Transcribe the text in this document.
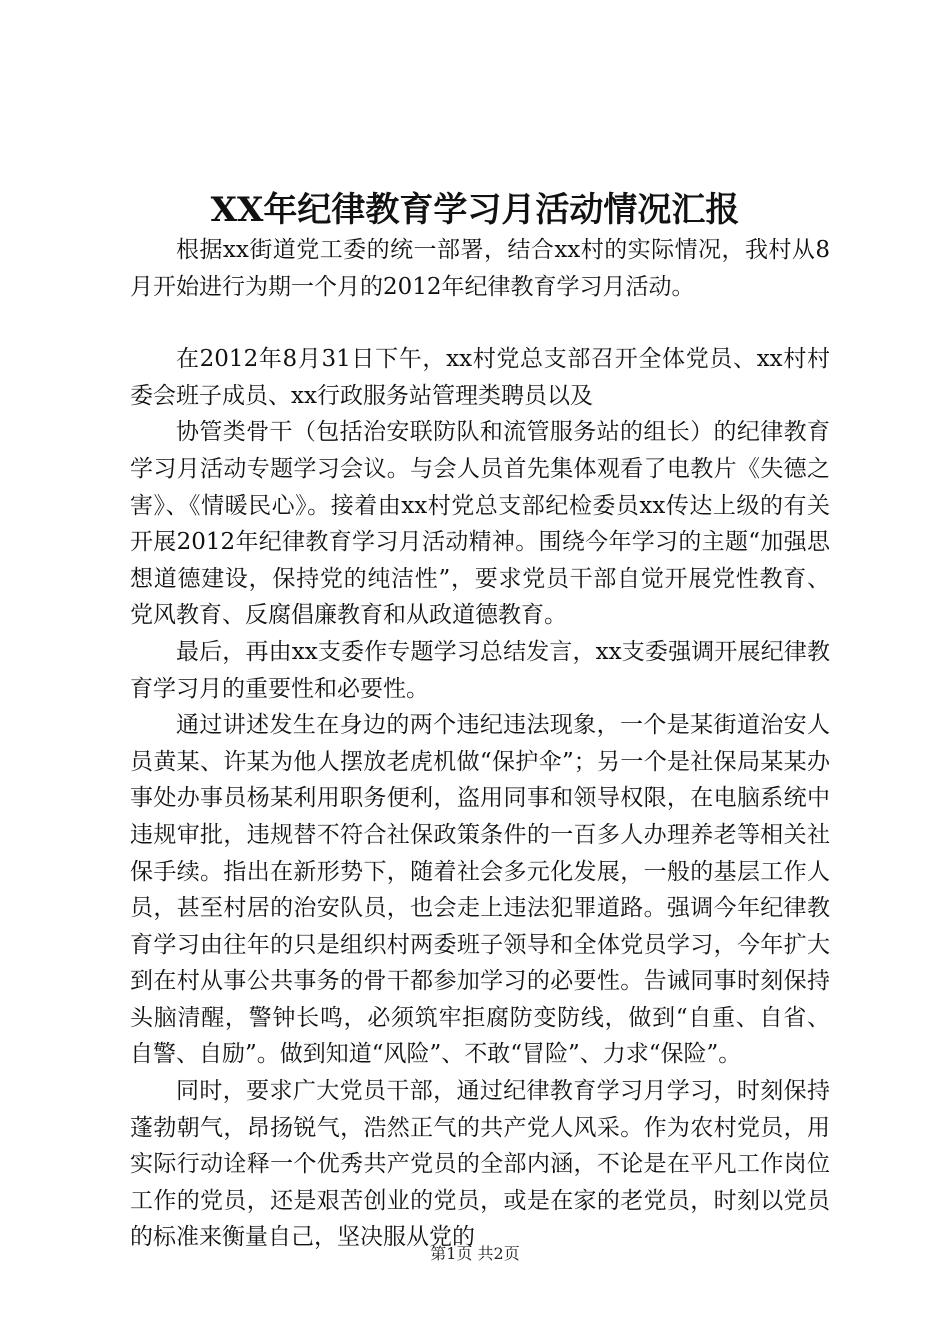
XX年纪律教育学习月活动情况汇报

根据xx街道党工委的统一部署，结合xx村的实际情况，我村从8月开始进行为期一个月的2012年纪律教育学习月活动。

在2012年8月31日下午，xx村党总支部召开全体党员、xx村村委会班子成员、xx行政服务站管理类聘员以及

协管类骨干（包括治安联防队和流管服务站的组长）的纪律教育学习月活动专题学习会议。与会人员首先集体观看了电教片《失德之害》、《情暖民心》。接着由xx村党总支部纪检委员xx传达上级的有关开展2012年纪律教育学习月活动精神。围绕今年学习的主题“加强思想道德建设，保持党的纯洁性”，要求党员干部自觉开展党性教育、党风教育、反腐倡廉教育和从政道德教育。

最后，再由xx支委作专题学习总结发言，xx支委强调开展纪律教育学习月的重要性和必要性。

通过讲述发生在身边的两个违纪违法现象，一个是某街道治安人员黄某、许某为他人摆放老虎机做“保护伞”；另一个是社保局某某办事处办事员杨某利用职务便利，盗用同事和领导权限，在电脑系统中违规审批，违规替不符合社保政策条件的一百多人办理养老等相关社保手续。指出在新形势下，随着社会多元化发展，一般的基层工作人员，甚至村居的治安队员，也会走上违法犯罪道路。强调今年纪律教育学习由往年的只是组织村两委班子领导和全体党员学习，今年扩大到在村从事公共事务的骨干都参加学习的必要性。告诫同事时刻保持头脑清醒，警钟长鸣，必须筑牢拒腐防变防线，做到“自重、自省、自警、自励”。做到知道“风险”、不敢“冒险”、力求“保险”。

同时，要求广大党员干部，通过纪律教育学习月学习，时刻保持蓬勃朝气，昂扬锐气，浩然正气的共产党人风采。作为农村党员，用实际行动诠释一个优秀共产党员的全部内涵，不论是在平凡工作岗位工作的党员，还是艰苦创业的党员，或是在家的老党员，时刻以党员的标准来衡量自己，坚决服从党的

第1页 共2页
